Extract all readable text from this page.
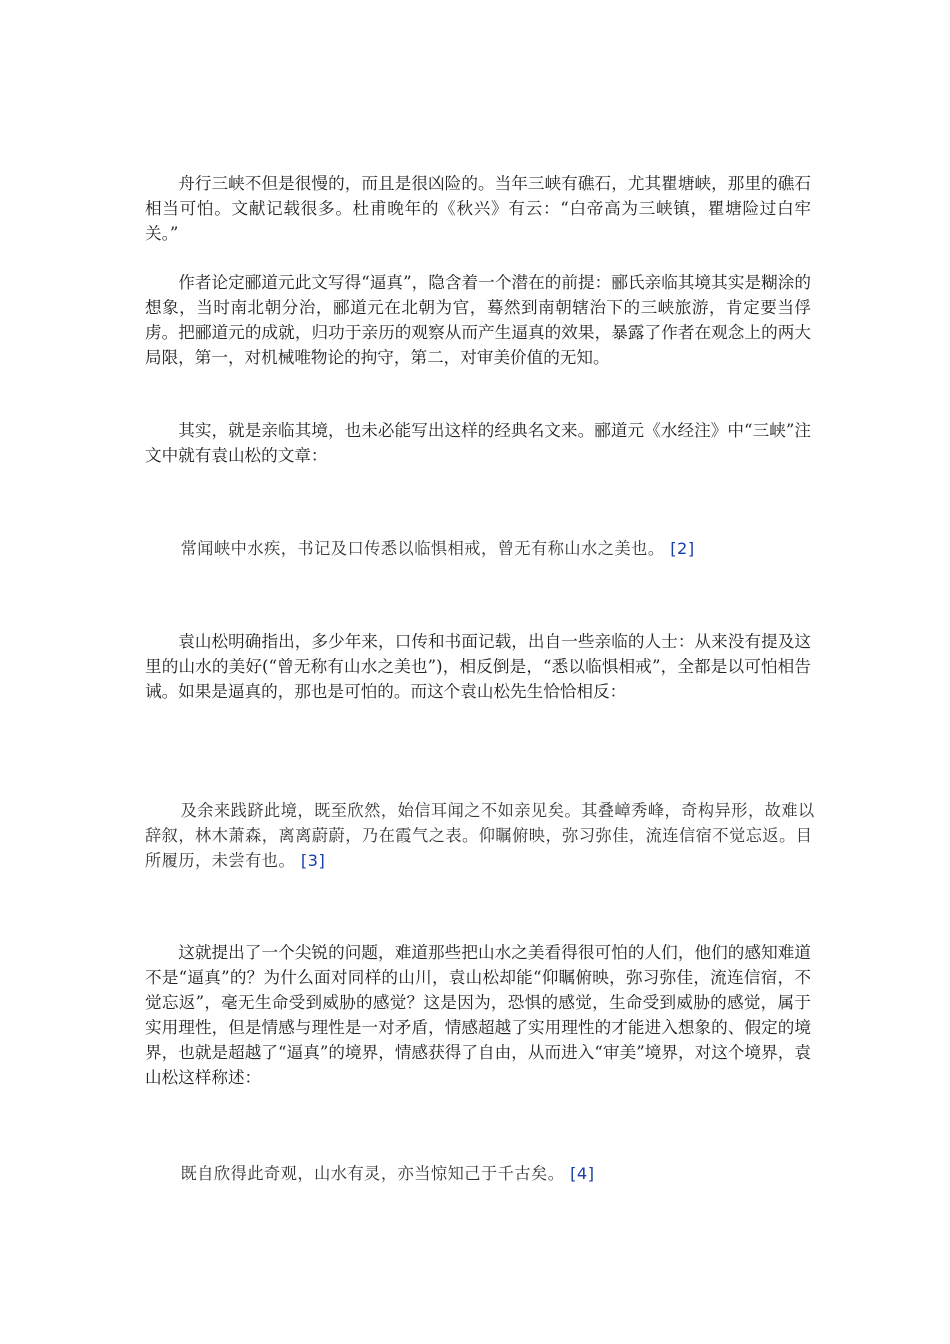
舟行三峡不但是很慢的，而且是很凶险的。当年三峡有礁石，尤其瞿塘峡，那里的礁石相当可怕。文献记载很多。杜甫晚年的《秋兴》有云：“白帝高为三峡镇，瞿塘险过白牢关。”

作者论定郦道元此文写得“逼真”，隐含着一个潜在的前提：郦氏亲临其境其实是糊涂的想象，当时南北朝分治，郦道元在北朝为官，蓦然到南朝辖治下的三峡旅游，肯定要当俘虏。把郦道元的成就，归功于亲历的观察从而产生逼真的效果，暴露了作者在观念上的两大局限，第一，对机械唯物论的拘守，第二，对审美价值的无知。

其实，就是亲临其境，也未必能写出这样的经典名文来。郦道元《水经注》中“三峡”注文中就有袁山松的文章：

常闻峡中水疾，书记及口传悉以临惧相戒，曾无有称山水之美也。 [2]

袁山松明确指出，多少年来，口传和书面记载，出自一些亲临的人士：从来没有提及这里的山水的美好(“曾无称有山水之美也”)，相反倒是，“悉以临惧相戒”，全都是以可怕相告诫。如果是逼真的，那也是可怕的。而这个袁山松先生恰恰相反：

及余来践跻此境，既至欣然，始信耳闻之不如亲见矣。其叠嶂秀峰，奇构异形，故难以辞叙，林木萧森，离离蔚蔚，乃在霞气之表。仰瞩俯映，弥习弥佳，流连信宿不觉忘返。目所履历，未尝有也。 [3]

这就提出了一个尖锐的问题，难道那些把山水之美看得很可怕的人们，他们的感知难道不是“逼真”的？为什么面对同样的山川，袁山松却能“仰瞩俯映，弥习弥佳，流连信宿，不觉忘返”，毫无生命受到威胁的感觉？这是因为，恐惧的感觉，生命受到威胁的感觉，属于实用理性，但是情感与理性是一对矛盾，情感超越了实用理性的才能进入想象的、假定的境界，也就是超越了“逼真”的境界，情感获得了自由，从而进入“审美”境界，对这个境界，袁山松这样称述：

既自欣得此奇观，山水有灵，亦当惊知己于千古矣。 [4]
